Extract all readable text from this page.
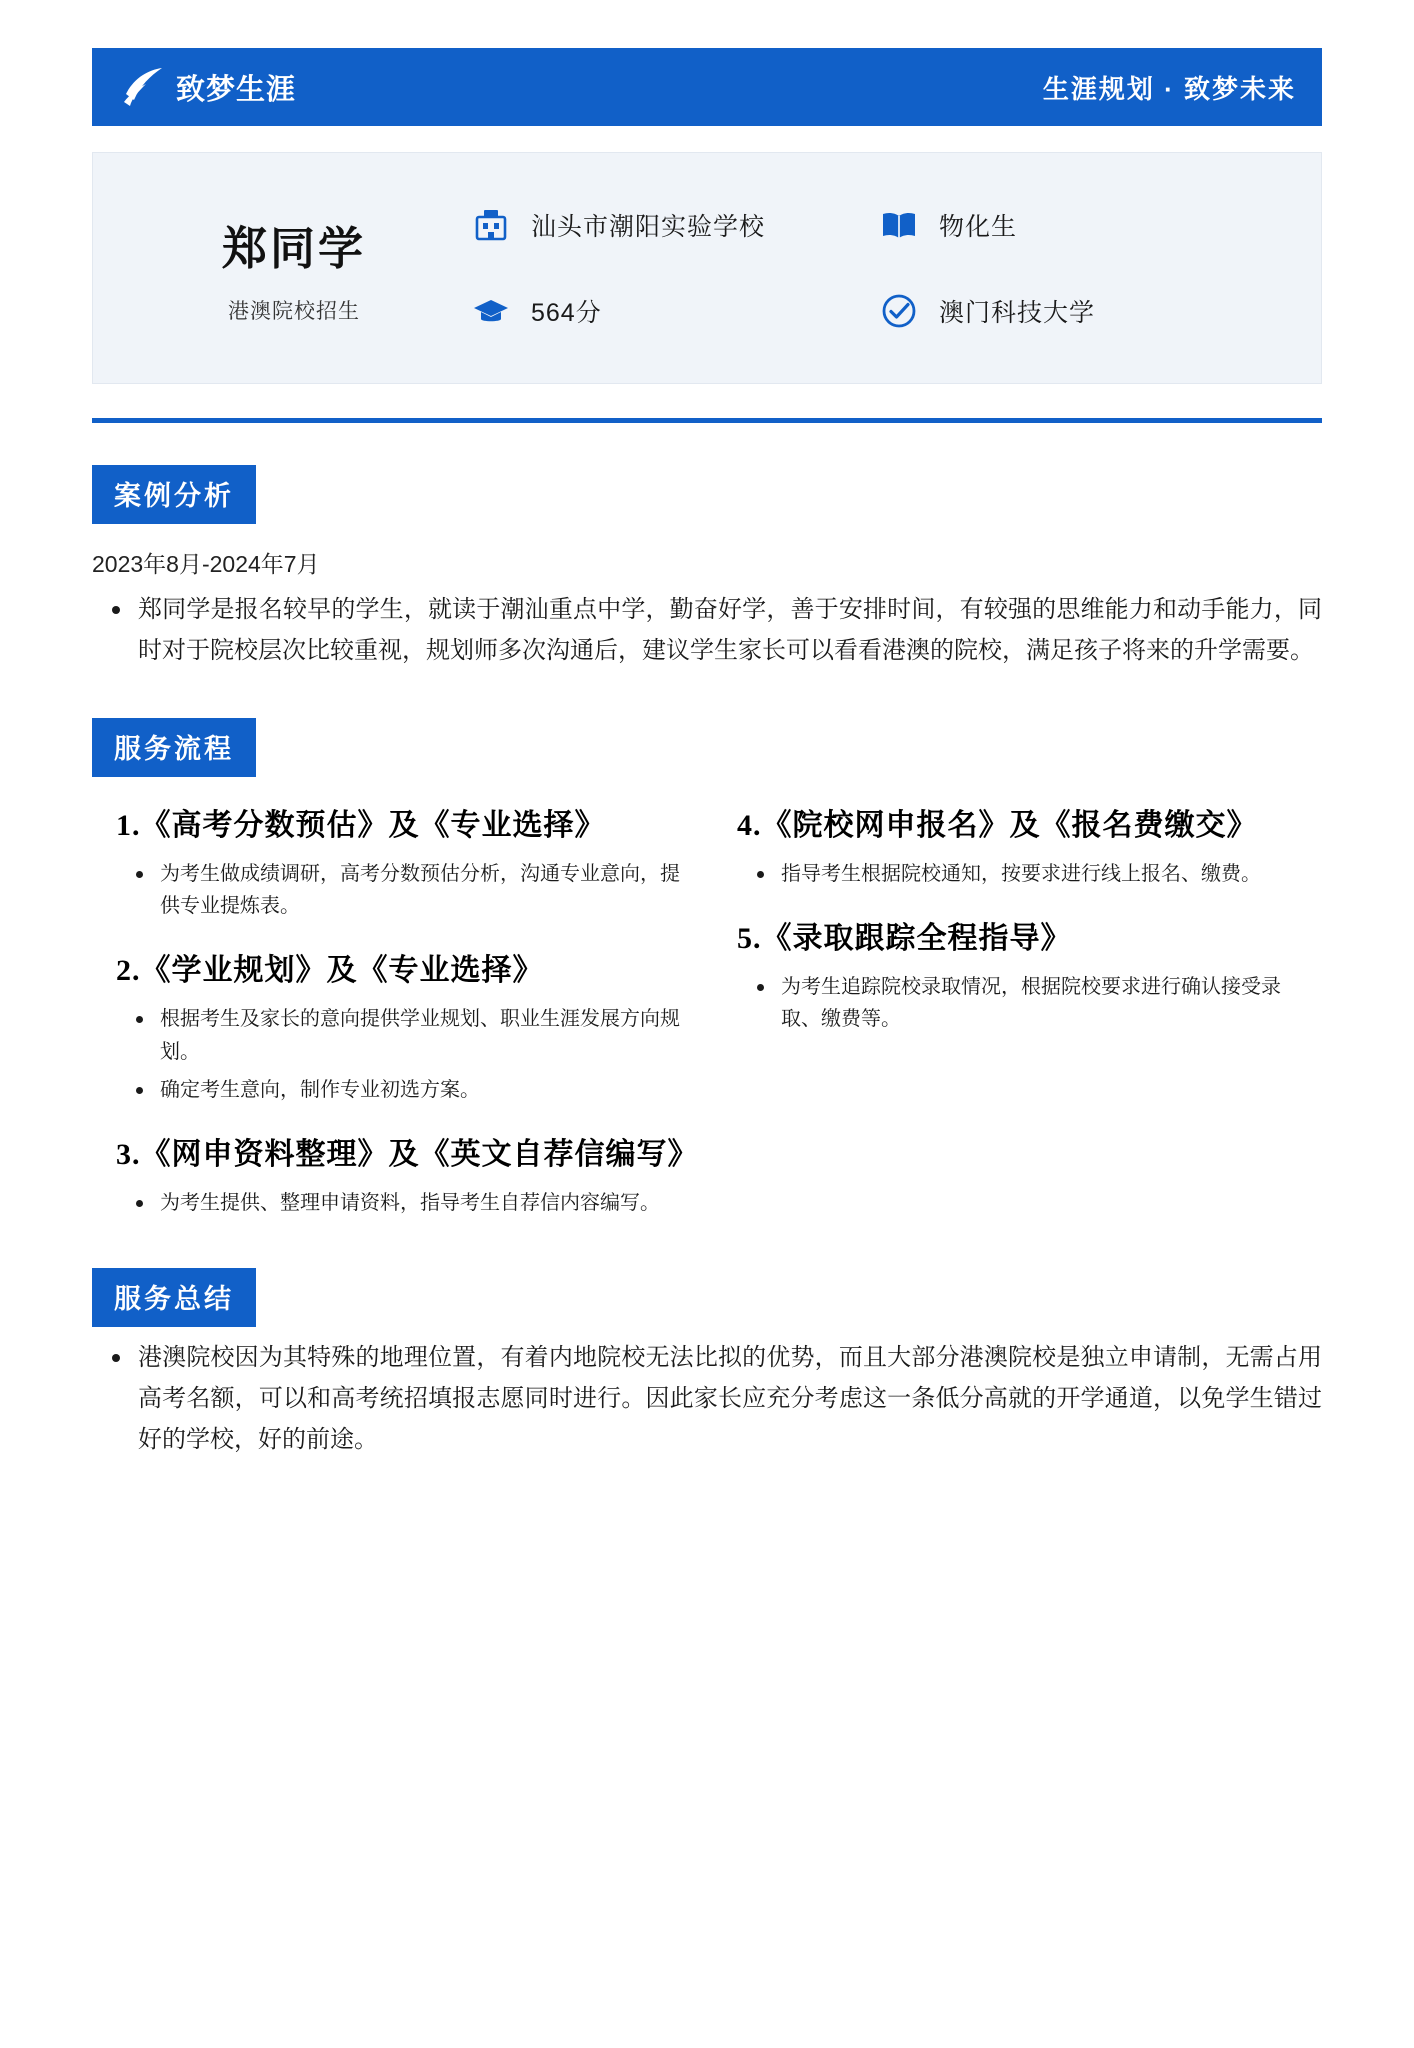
致梦生涯	生涯规划 · 致梦未来
郑同学
港澳院校招生
汕头市潮阳实验学校	物化生
564分	澳门科技大学
案例分析
2023年8月-2024年7月
郑同学是报名较早的学生，就读于潮汕重点中学，勤奋好学，善于安排时间，有较强的思维能力和动手能力，同时对于院校层次比较重视，规划师多次沟通后，建议学生家长可以看看港澳的院校，满足孩子将来的升学需要。
服务流程
1.《高考分数预估》及《专业选择》
为考生做成绩调研，高考分数预估分析，沟通专业意向，提供专业提炼表。
2.《学业规划》及《专业选择》
根据考生及家长的意向提供学业规划、职业生涯发展方向规划。
确定考生意向，制作专业初选方案。
3.《网申资料整理》及《英文自荐信编写》
为考生提供、整理申请资料，指导考生自荐信内容编写。
4.《院校网申报名》及《报名费缴交》
指导考生根据院校通知，按要求进行线上报名、缴费。
5.《录取跟踪全程指导》
为考生追踪院校录取情况，根据院校要求进行确认接受录取、缴费等。
服务总结
港澳院校因为其特殊的地理位置，有着内地院校无法比拟的优势，而且大部分港澳院校是独立申请制，无需占用高考名额，可以和高考统招填报志愿同时进行。因此家长应充分考虑这一条低分高就的开学通道，以免学生错过好的学校，好的前途。
